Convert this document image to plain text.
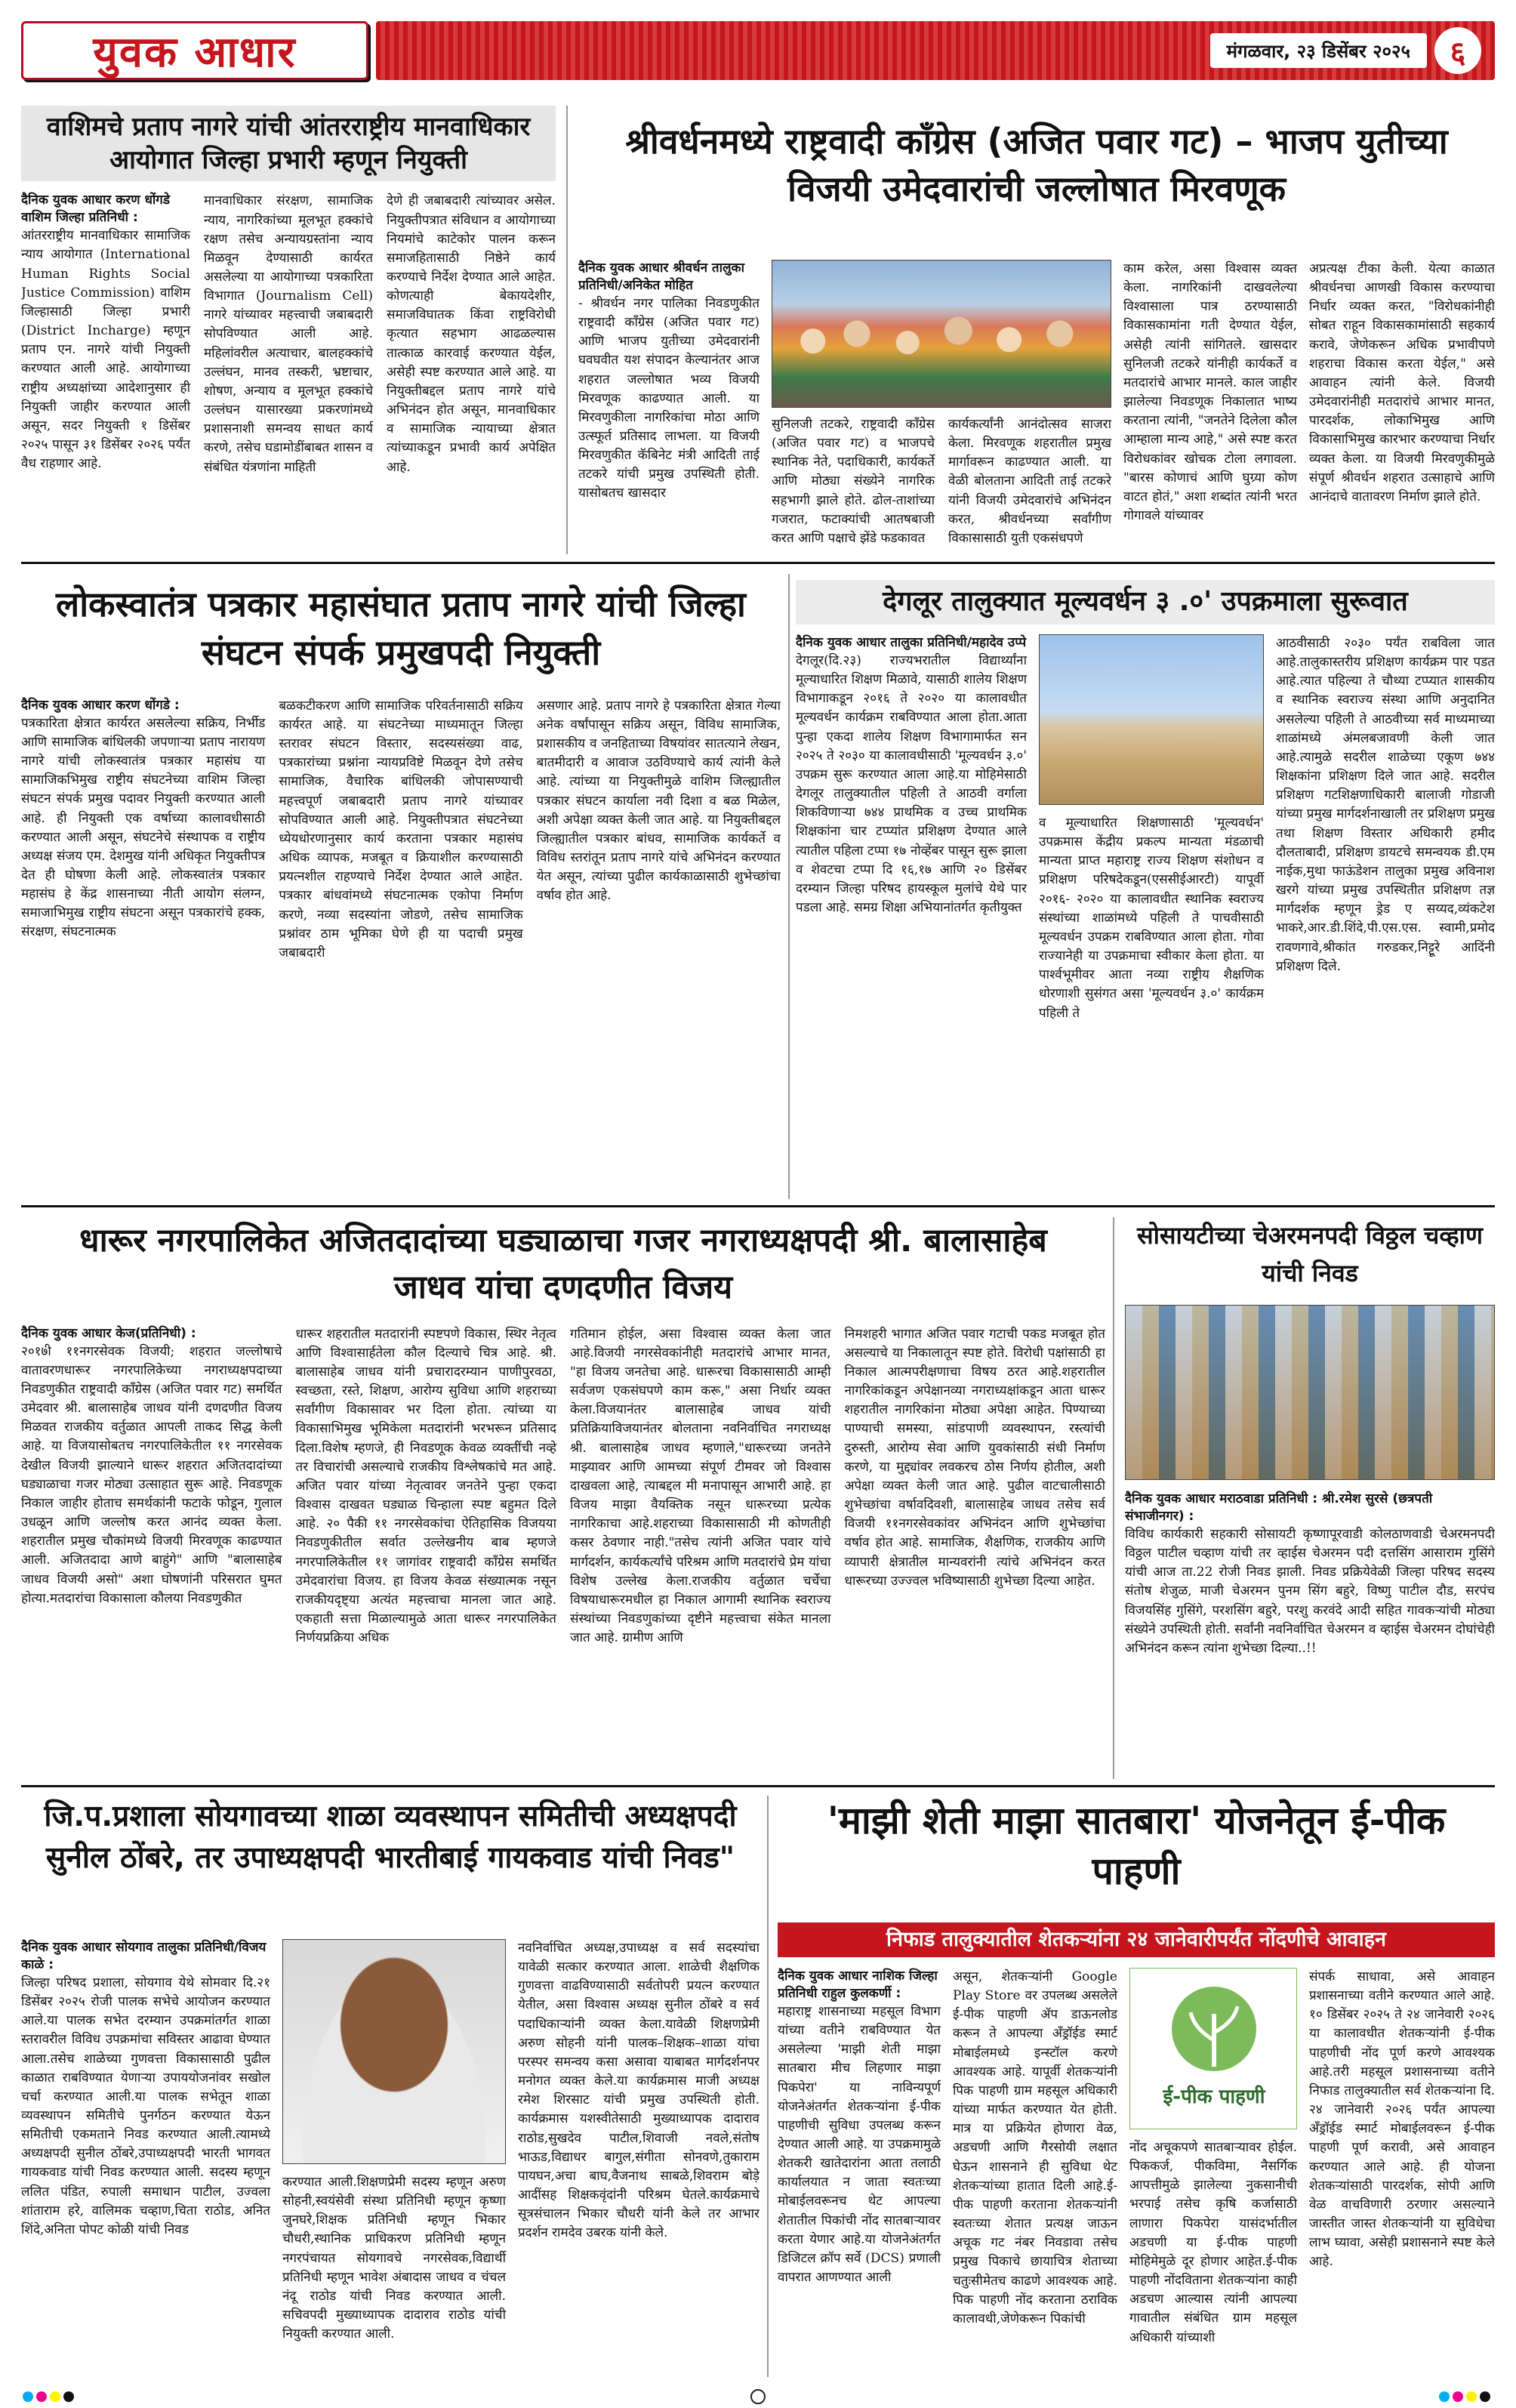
युवक आधार	मंगळवार, २३ डिसेंबर २०२५	६
वाशिमचे प्रताप नागरे यांची आंतरराष्ट्रीय मानवाधिकार आयोगात जिल्हा प्रभारी म्हणून नियुक्ती
दैनिक युवक आधार करण धोंगडे वाशिम जिल्हा प्रतिनिधी :
आंतरराष्ट्रीय मानवाधिकार सामाजिक न्याय आयोगात (International Human Rights Social Justice Commission) वाशिम जिल्हासाठी जिल्हा प्रभारी (District Incharge) म्हणून प्रताप एन. नागरे यांची नियुक्ती करण्यात आली आहे. आयोगाच्या राष्ट्रीय अध्यक्षांच्या आदेशानुसार ही नियुक्ती जाहीर करण्यात आली असून, सदर नियुक्ती १ डिसेंबर २०२५ पासून ३१ डिसेंबर २०२६ पर्यंत वैध राहणार आहे.
मानवाधिकार संरक्षण, सामाजिक न्याय, नागरिकांच्या मूलभूत हक्कांचे रक्षण तसेच अन्यायग्रस्तांना न्याय मिळवून देण्यासाठी कार्यरत असलेल्या या आयोगाच्या पत्रकारिता विभागात (Journalism Cell) नागरे यांच्यावर महत्त्वाची जबाबदारी सोपविण्यात आली आहे. महिलांवरील अत्याचार, बालहक्कांचे उल्लंघन, मानव तस्करी, भ्रष्टाचार, शोषण, अन्याय व मूलभूत हक्कांचे उल्लंघन यासारख्या प्रकरणांमध्ये प्रशासनाशी समन्वय साधत कार्य करणे, तसेच घडामोडींबाबत शासन व संबंधित यंत्रणांना माहिती
देणे ही जबाबदारी त्यांच्यावर असेल. नियुक्तीपत्रात संविधान व आयोगाच्या नियमांचे काटेकोर पालन करून समाजहितासाठी निष्ठेने कार्य करण्याचे निर्देश देण्यात आले आहेत. कोणत्याही बेकायदेशीर, समाजविघातक किंवा राष्ट्रविरोधी कृत्यात सहभाग आढळल्यास तात्काळ कारवाई करण्यात येईल, असेही स्पष्ट करण्यात आले आहे. या नियुक्तीबद्दल प्रताप नागरे यांचे अभिनंदन होत असून, मानवाधिकार व सामाजिक न्यायाच्या क्षेत्रात त्यांच्याकडून प्रभावी कार्य अपेक्षित आहे.
श्रीवर्धनमध्ये राष्ट्रवादी काँग्रेस (अजित पवार गट) – भाजप युतीच्या विजयी उमेदवारांची जल्लोषात मिरवणूक
दैनिक युवक आधार श्रीवर्धन तालुका प्रतिनिधी/अनिकेत मोहित
- श्रीवर्धन नगर पालिका निवडणुकीत राष्ट्रवादी काँग्रेस (अजित पवार गट) आणि भाजप युतीच्या उमेदवारांनी घवघवीत यश संपादन केल्यानंतर आज शहरात जल्लोषात भव्य विजयी मिरवणूक काढण्यात आली. या मिरवणुकीला नागरिकांचा मोठा आणि उत्स्फूर्त प्रतिसाद लाभला. या विजयी मिरवणुकीत कॅबिनेट मंत्री आदिती ताई तटकरे यांची प्रमुख उपस्थिती होती. यासोबतच खासदार
सुनिलजी तटकरे, राष्ट्रवादी काँग्रेस (अजित पवार गट) व भाजपचे स्थानिक नेते, पदाधिकारी, कार्यकर्ते आणि मोठ्या संख्येने नागरिक सहभागी झाले होते. ढोल-ताशांच्या गजरात, फटाक्यांची आतषबाजी करत आणि पक्षाचे झेंडे फडकावत
कार्यकर्त्यांनी आनंदोत्सव साजरा केला. मिरवणूक शहरातील प्रमुख मार्गावरून काढण्यात आली. या वेळी बोलताना आदिती ताई तटकरे यांनी विजयी उमेदवारांचे अभिनंदन करत, श्रीवर्धनच्या सर्वांगीण विकासासाठी युती एकसंधपणे
काम करेल, असा विश्वास व्यक्त केला. नागरिकांनी दाखवलेल्या विश्वासाला पात्र ठरण्यासाठी विकासकामांना गती देण्यात येईल, असेही त्यांनी सांगितले. खासदार सुनिलजी तटकरे यांनीही कार्यकर्ते व मतदारांचे आभार मानले. काल जाहीर झालेल्या निवडणूक निकालात भाष्य करताना त्यांनी, "जनतेने दिलेला कौल आम्हाला मान्य आहे," असे स्पष्ट करत विरोधकांवर खोचक टोला लगावला. "बारस कोणाचं आणि घुग्र्या कोण वाटत होतं," अशा शब्दांत त्यांनी भरत गोगावले यांच्यावर
अप्रत्यक्ष टीका केली. येत्या काळात श्रीवर्धनचा आणखी विकास करण्याचा निर्धार व्यक्त करत, "विरोधकांनीही सोबत राहून विकासकामांसाठी सहकार्य करावे, जेणेकरून अधिक प्रभावीपणे शहराचा विकास करता येईल," असे आवाहन त्यांनी केले. विजयी उमेदवारांनीही मतदारांचे आभार मानत, पारदर्शक, लोकाभिमुख आणि विकासाभिमुख कारभार करण्याचा निर्धार व्यक्त केला. या विजयी मिरवणुकीमुळे संपूर्ण श्रीवर्धन शहरात उत्साहाचे आणि आनंदाचे वातावरण निर्माण झाले होते.
लोकस्वातंत्र पत्रकार महासंघात प्रताप नागरे यांची जिल्हा संघटन संपर्क प्रमुखपदी नियुक्ती
दैनिक युवक आधार करण धोंगडे :
पत्रकारिता क्षेत्रात कार्यरत असलेल्या सक्रिय, निर्भीड आणि सामाजिक बांधिलकी जपणाऱ्या प्रताप नारायण नागरे यांची लोकस्वातंत्र पत्रकार महासंघ या सामाजिकभिमुख राष्ट्रीय संघटनेच्या वाशिम जिल्हा संघटन संपर्क प्रमुख पदावर नियुक्ती करण्यात आली आहे. ही नियुक्ती एक वर्षाच्या कालावधीसाठी करण्यात आली असून, संघटनेचे संस्थापक व राष्ट्रीय अध्यक्ष संजय एम. देशमुख यांनी अधिकृत नियुक्तीपत्र देत ही घोषणा केली आहे. लोकस्वातंत्र पत्रकार महासंघ हे केंद्र शासनाच्या नीती आयोग संलग्न, समाजाभिमुख राष्ट्रीय संघटना असून पत्रकारांचे हक्क, संरक्षण, संघटनात्मक
बळकटीकरण आणि सामाजिक परिवर्तनासाठी सक्रिय कार्यरत आहे. या संघटनेच्या माध्यमातून जिल्हा स्तरावर संघटन विस्तार, सदस्यसंख्या वाढ, पत्रकारांच्या प्रश्नांना न्यायप्रविष्टे मिळवून देणे तसेच सामाजिक, वैचारिक बांधिलकी जोपासण्याची महत्त्वपूर्ण जबाबदारी प्रताप नागरे यांच्यावर सोपविण्यात आली आहे. नियुक्तीपत्रात संघटनेच्या ध्येयधोरणानुसार कार्य करताना पत्रकार महासंघ अधिक व्यापक, मजबूत व क्रियाशील करण्यासाठी प्रयत्नशील राहण्याचे निर्देश देण्यात आले आहेत. पत्रकार बांधवांमध्ये संघटनात्मक एकोपा निर्माण करणे, नव्या सदस्यांना जोडणे, तसेच सामाजिक प्रश्नांवर ठाम भूमिका घेणे ही या पदाची प्रमुख जबाबदारी
असणार आहे. प्रताप नागरे हे पत्रकारिता क्षेत्रात गेल्या अनेक वर्षांपासून सक्रिय असून, विविध सामाजिक, प्रशासकीय व जनहिताच्या विषयांवर सातत्याने लेखन, बातमीदारी व आवाज उठविण्याचे कार्य त्यांनी केले आहे. त्यांच्या या नियुक्तीमुळे वाशिम जिल्ह्यातील पत्रकार संघटन कार्याला नवी दिशा व बळ मिळेल, अशी अपेक्षा व्यक्त केली जात आहे. या नियुक्तीबद्दल जिल्ह्यातील पत्रकार बांधव, सामाजिक कार्यकर्ते व विविध स्तरांतून प्रताप नागरे यांचे अभिनंदन करण्यात येत असून, त्यांच्या पुढील कार्यकाळासाठी शुभेच्छांचा वर्षाव होत आहे.
देगलूर तालुक्यात मूल्यवर्धन ३ .०' उपक्रमाला सुरूवात
दैनिक युवक आधार तालुका प्रतिनिधी/महादेव उप्पे
देगलूर(दि.२३) राज्यभरातील विद्यार्थ्यांना मूल्याधारित शिक्षण मिळावे, यासाठी शालेय शिक्षण विभागाकडून २०१६ ते २०२० या कालावधीत मूल्यवर्धन कार्यक्रम राबविण्यात आला होता.आता पुन्हा एकदा शालेय शिक्षण विभागामार्फत सन २०२५ ते २०३० या कालावधीसाठी 'मूल्यवर्धन ३.०' उपक्रम सुरू करण्यात आला आहे.या मोहिमेसाठी देगलूर तालुक्यातील पहिली ते आठवी वर्गाला शिकविणाऱ्या ७४४ प्राथमिक व उच्च प्राथमिक शिक्षकांना चार टप्प्यांत प्रशिक्षण देण्यात आले त्यातील पहिला टप्पा १७ नोव्हेंबर पासून सुरू झाला व शेवटचा टप्पा दि १६,१७ आणि २० डिसेंबर दरम्यान जिल्हा परिषद हायस्कूल मुलांचे येथे पार पडला आहे. समग्र शिक्षा अभियानांतर्गत कृतीयुक्त
व मूल्याधारित शिक्षणासाठी 'मूल्यवर्धन' उपक्रमास केंद्रीय प्रकल्प मान्यता मंडळाची मान्यता प्राप्त महाराष्ट्र राज्य शिक्षण संशोधन व प्रशिक्षण परिषदेकडून(एससीईआरटी) यापूर्वी २०१६- २०२० या कालावधीत स्थानिक स्वराज्य संस्थांच्या शाळांमध्ये पहिली ते पाचवीसाठी मूल्यवर्धन उपक्रम राबविण्यात आला होता. गोवा राज्यानेही या उपक्रमाचा स्वीकार केला होता. या पार्श्वभूमीवर आता नव्या राष्ट्रीय शैक्षणिक धोरणाशी सुसंगत असा 'मूल्यवर्धन ३.०' कार्यक्रम पहिली ते
आठवीसाठी २०३० पर्यंत राबविला जात आहे.तालुकास्तरीय प्रशिक्षण कार्यक्रम पार पडत आहे.त्यात पहिल्या ते चौथ्या टप्प्यात शासकीय व स्थानिक स्वराज्य संस्था आणि अनुदानित असलेल्या पहिली ते आठवीच्या सर्व माध्यमाच्या शाळांमध्ये अंमलबजावणी केली जात आहे.त्यामुळे सदरील शाळेच्या एकूण ७४४ शिक्षकांना प्रशिक्षण दिले जात आहे. सदरील प्रशिक्षण गटशिक्षणाधिकारी बालाजी गोडाजी यांच्या प्रमुख मार्गदर्शनाखाली तर प्रशिक्षण प्रमुख तथा शिक्षण विस्तार अधिकारी हमीद दौलताबादी, प्रशिक्षण डायटचे समन्वयक डी.एम नाईक,मुथा फाऊंडेशन तालुका प्रमुख अविनाश खरगे यांच्या प्रमुख उपस्थितीत प्रशिक्षण तज्ञ मार्गदर्शक म्हणून ड्रेड ए सय्यद,व्यंकटेश भाकरे,आर.डी.शिंदे,पी.एस.एस. स्वामी,प्रमोद रावणगावे,श्रीकांत गरुडकर,निट्टूरे आदिंनी प्रशिक्षण दिले.
धारूर नगरपालिकेत अजितदादांच्या घड्याळाचा गजर नगराध्यक्षपदी श्री. बालासाहेब जाधव यांचा दणदणीत विजय
दैनिक युवक आधार केज(प्रतिनिधी) :
२०१७ी ११नगरसेवक विजयी; शहरात जल्लोषाचे वातावरणधारूर नगरपालिकेच्या नगराध्यक्षपदाच्या निवडणुकीत राष्ट्रवादी काँग्रेस (अजित पवार गट) समर्थित उमेदवार श्री. बालासाहेब जाधव यांनी दणदणीत विजय मिळवत राजकीय वर्तुळात आपली ताकद सिद्ध केली आहे. या विजयासोबतच नगरपालिकेतील ११ नगरसेवक देखील विजयी झाल्याने धारूर शहरात अजितदादांच्या घड्याळाचा गजर मोठ्या उत्साहात सुरू आहे. निवडणूक निकाल जाहीर होताच समर्थकांनी फटाके फोडून, गुलाल उधळून आणि जल्लोष करत आनंद व्यक्त केला. शहरातील प्रमुख चौकांमध्ये विजयी मिरवणूक काढण्यात आली. अजितदादा आणे बाहुंगे" आणि "बालासाहेब जाधव विजयी असो" अशा घोषणांनी परिसरात घुमत होत्या.मतदारांचा विकासाला कौलया निवडणुकीत
धारूर शहरातील मतदारांनी स्पष्टपणे विकास, स्थिर नेतृत्व आणि विश्वासार्हतेला कौल दिल्याचे चित्र आहे. श्री. बालासाहेब जाधव यांनी प्रचारादरम्यान पाणीपुरवठा, स्वच्छता, रस्ते, शिक्षण, आरोग्य सुविधा आणि शहराच्या सर्वांगीण विकासावर भर दिला होता. त्यांच्या या विकासाभिमुख भूमिकेला मतदारांनी भरभरून प्रतिसाद दिला.विशेष म्हणजे, ही निवडणूक केवळ व्यक्तींची नव्हे तर विचारांची असल्याचे राजकीय विश्लेषकांचे मत आहे. अजित पवार यांच्या नेतृत्वावर जनतेने पुन्हा एकदा विश्वास दाखवत घड्याळ चिन्हाला स्पष्ट बहुमत दिले आहे. २० पैकी ११ नगरसेवकांचा ऐतिहासिक विजयया निवडणुकीतील सर्वात उल्लेखनीय बाब म्हणजे नगरपालिकेतील ११ जागांवर राष्ट्रवादी काँग्रेस समर्थित उमेदवारांचा विजय. हा विजय केवळ संख्यात्मक नसून राजकीयदृष्ट्या अत्यंत महत्त्वाचा मानला जात आहे. एकहाती सत्ता मिळाल्यामुळे आता धारूर नगरपालिकेत निर्णयप्रक्रिया अधिक
गतिमान होईल, असा विश्वास व्यक्त केला जात आहे.विजयी नगरसेवकांनीही मतदारांचे आभार मानत, "हा विजय जनतेचा आहे. धारूरचा विकासासाठी आम्ही सर्वजण एकसंघपणे काम करू," असा निर्धार व्यक्त केला.विजयानंतर बालासाहेब जाधव यांची प्रतिक्रियाविजयानंतर बोलताना नवनिर्वाचित नगराध्यक्ष श्री. बालासाहेब जाधव म्हणाले,"धारूरच्या जनतेने माझ्यावर आणि आमच्या संपूर्ण टीमवर जो विश्वास दाखवला आहे, त्याबद्दल मी मनापासून आभारी आहे. हा विजय माझा वैयक्तिक नसून धारूरच्या प्रत्येक नागरिकाचा आहे.शहराच्या विकासासाठी मी कोणतीही कसर ठेवणार नाही."तसेच त्यांनी अजित पवार यांचे मार्गदर्शन, कार्यकर्त्यांचे परिश्रम आणि मतदारांचे प्रेम यांचा विशेष उल्लेख केला.राजकीय वर्तुळात चर्चेचा विषयाधारूरमधील हा निकाल आगामी स्थानिक स्वराज्य संस्थांच्या निवडणुकांच्या दृष्टीने महत्त्वाचा संकेत मानला जात आहे. ग्रामीण आणि
निमशहरी भागात अजित पवार गटाची पकड मजबूत होत असल्याचे या निकालातून स्पष्ट होते. विरोधी पक्षांसाठी हा निकाल आत्मपरीक्षणाचा विषय ठरत आहे.शहरातील नागरिकांकडून अपेक्षानव्या नगराध्यक्षांकडून आता धारूर शहरातील नागरिकांना मोठ्या अपेक्षा आहेत. पिण्याच्या पाण्याची समस्या, सांडपाणी व्यवस्थापन, रस्त्यांची दुरुस्ती, आरोग्य सेवा आणि युवकांसाठी संधी निर्माण करणे, या मुद्द्यांवर लवकरच ठोस निर्णय होतील, अशी अपेक्षा व्यक्त केली जात आहे. पुढील वाटचालीसाठी शुभेच्छांचा वर्षावदिवशी, बालासाहेब जाधव तसेच सर्व विजयी ११नगरसेवकांवर अभिनंदन आणि शुभेच्छांचा वर्षाव होत आहे. सामाजिक, शैक्षणिक, राजकीय आणि व्यापारी क्षेत्रातील मान्यवरांनी त्यांचे अभिनंदन करत धारूरच्या उज्ज्वल भविष्यासाठी शुभेच्छा दिल्या आहेत.
सोसायटीच्या चेअरमनपदी विठ्ठल चव्हाण यांची निवड
दैनिक युवक आधार मराठवाडा प्रतिनिधी : श्री.रमेश सुरसे (छत्रपती संभाजीनगर) :
विविध कार्यकारी सहकारी सोसायटी कृष्णापूरवाडी कोलठाणवाडी चेअरमनपदी विठ्ठल पाटील चव्हाण यांची तर व्हाईस चेअरमन पदी दत्तसिंग आसाराम गुसिंगे यांची आज ता.22 रोजी निवड झाली. निवड प्रक्रियेवेळी जिल्हा परिषद सदस्य संतोष शेजुळ, माजी चेअरमन पुनम सिंग बहुरे, विष्णु पाटील दौड, सरपंच विजयसिंह गुसिंगे, परशसिंग बहुरे, परशु करवंदे आदी सहित गावकऱ्यांची मोठ्या संख्येने उपस्थिती होती. सर्वांनी नवनिर्वाचित चेअरमन व व्हाईस चेअरमन दोघांचेही अभिनंदन करून त्यांना शुभेच्छा दिल्या..!!
जि.प.प्रशाला सोयगावच्या शाळा व्यवस्थापन समितीची अध्यक्षपदी सुनील ठोंबरे, तर उपाध्यक्षपदी भारतीबाई गायकवाड यांची निवड"
दैनिक युवक आधार सोयगाव तालुका प्रतिनिधी/विजय काळे :
जिल्हा परिषद प्रशाला, सोयगाव येथे सोमवार दि.२१ डिसेंबर २०२५ रोजी पालक सभेचे आयोजन करण्यात आले.या पालक सभेत दरम्यान उपक्रमांतर्गत शाळा स्तरावरील विविध उपक्रमांचा सविस्तर आढावा घेण्यात आला.तसेच शाळेच्या गुणवत्ता विकासासाठी पुढील काळात राबविण्यात येणाऱ्या उपाययोजनांवर सखोल चर्चा करण्यात आली.या पालक सभेतून शाळा व्यवस्थापन समितीचे पुनर्गठन करण्यात येऊन समितीची एकमताने निवड करण्यात आली.त्यामध्ये अध्यक्षपदी सुनील ठोंबरे,उपाध्यक्षपदी भारती भागवत गायकवाड यांची निवड करण्यात आली. सदस्य म्हणून ललित पंडित, रुपाली समाधान पाटील, उज्वला शांताराम हरे, वालिमक चव्हाण,चिता राठोड, अनित शिंदे,अनिता पोपट कोळी यांची निवड
करण्यात आली.शिक्षणप्रेमी सदस्य म्हणून अरुण सोहनी,स्वयंसेवी संस्था प्रतिनिधी म्हणून कृष्णा जुनघरे,शिक्षक प्रतिनिधी म्हणून भिकार चौधरी,स्थानिक प्राधिकरण प्रतिनिधी म्हणून नगरपंचायत सोयगावचे नगरसेवक,विद्यार्थी प्रतिनिधी म्हणून भावेश अंबादास जाधव व चंचल नंदू राठोड यांची निवड करण्यात आली. सचिवपदी मुख्याध्यापक दादाराव राठोड यांची नियुक्ती करण्यात आली.
नवनिर्वाचित अध्यक्ष,उपाध्यक्ष व सर्व सदस्यांचा यावेळी सत्कार करण्यात आला. शाळेची शैक्षणिक गुणवत्ता वाढविण्यासाठी सर्वतोपरी प्रयत्न करण्यात येतील, असा विश्वास अध्यक्ष सुनील ठोंबरे व सर्व पदाधिकाऱ्यांनी व्यक्त केला.यावेळी शिक्षणप्रेमी अरुण सोहनी यांनी पालक–शिक्षक–शाळा यांचा परस्पर समन्वय कसा असावा याबाबत मार्गदर्शनपर मनोगत व्यक्त केले.या कार्यक्रमास माजी अध्यक्ष रमेश शिरसाट यांची प्रमुख उपस्थिती होती. कार्यक्रमास यशस्वीतेसाठी मुख्याध्यापक दादाराव राठोड,सुखदेव पाटील,शिवाजी नवले,संतोष भाऊड,विद्याधर बागुल,संगीता सोनवणे,तुकाराम पायघन,अचा बाघ,वैजनाथ साबळे,शिवराम बोड़े आदींसह शिक्षकवृंदांनी परिश्रम घेतले.कार्यक्रमाचे सूत्रसंचालन भिकार चौधरी यांनी केले तर आभार प्रदर्शन रामदेव उबरक यांनी केले.
'माझी शेती माझा सातबारा' योजनेतून ई-पीक पाहणी
निफाड तालुक्यातील शेतकऱ्यांना २४ जानेवारीपर्यंत नोंदणीचे आवाहन
दैनिक युवक आधार नाशिक जिल्हा प्रतिनिधी राहुल कुलकर्णी :
महाराष्ट्र शासनाच्या महसूल विभाग यांच्या वतीने राबविण्यात येत असलेल्या 'माझी शेती माझा सातबारा मीच लिहणार माझा पिकपेरा' या नाविन्यपूर्ण योजनेअंतर्गत शेतकऱ्यांना ई-पीक पाहणीची सुविधा उपलब्ध करून देण्यात आली आहे. या उपक्रमामुळे शेतकरी खातेदारांना आता तलाठी कार्यालयात न जाता स्वतःच्या मोबाईलवरूनच थेट आपल्या शेतातील पिकांची नोंद सातबाऱ्यावर करता येणार आहे.या योजनेअंतर्गत डिजिटल क्रॉप सर्वे (DCS) प्रणाली वापरात आणण्यात आली
असून, शेतकऱ्यांनी Google Play Store वर उपलब्ध असलेले ई-पीक पाहणी ॲप डाऊनलोड करून ते आपल्या अँड्रॉईड स्मार्ट मोबाईलमध्ये इन्स्टॉल करणे आवश्यक आहे. यापूर्वी शेतकऱ्यांनी पिक पाहणी ग्राम महसूल अधिकारी यांच्या मार्फत करण्यात येत होती. मात्र या प्रक्रियेत होणारा वेळ, अडचणी आणि गैरसोयी लक्षात घेऊन शासनाने ही सुविधा थेट शेतकऱ्यांच्या हातात दिली आहे.ई-पीक पाहणी करताना शेतकऱ्यांनी स्वतःच्या शेतात प्रत्यक्ष जाऊन अचूक गट नंबर निवडावा तसेच प्रमुख पिकाचे छायाचित्र शेताच्या चतुःसीमेतच काढणे आवश्यक आहे. पिक पाहणी नोंद करताना ठराविक कालावधी,जेणेकरून पिकांची
ई-पीक पाहणी
नोंद अचूकपणे सातबाऱ्यावर होईल. पिककर्ज, पीकविमा, नैसर्गिक आपत्तीमुळे झालेल्या नुकसानीची भरपाई तसेच कृषि कर्जासाठी लाणारा पिकपेरा यासंदर्भातील अडचणी या ई-पीक पाहणी मोहिमेमुळे दूर होणार आहेत.ई-पीक पाहणी नोंदविताना शेतकऱ्यांना काही अडचण आल्यास त्यांनी आपल्या गावातील संबंधित ग्राम महसूल अधिकारी यांच्याशी
संपर्क साधावा, असे आवाहन प्रशासनाच्या वतीने करण्यात आले आहे. १० डिसेंबर २०२५ ते २४ जानेवारी २०२६ या कालावधीत शेतकऱ्यांनी ई-पीक पाहणीची नोंद पूर्ण करणे आवश्यक आहे.तरी महसूल प्रशासनाच्या वतीने निफाड तालुक्यातील सर्व शेतकऱ्यांना दि. २४ जानेवारी २०२६ पर्यंत आपल्या अँड्रॉईड स्मार्ट मोबाईलवरून ई-पीक पाहणी पूर्ण करावी, असे आवाहन करण्यात आले आहे. ही योजना शेतकऱ्यांसाठी पारदर्शक, सोपी आणि वेळ वाचविणारी ठरणार असल्याने जास्तीत जास्त शेतकऱ्यांनी या सुविधेचा लाभ घ्यावा, असेही प्रशासनाने स्पष्ट केले आहे.
